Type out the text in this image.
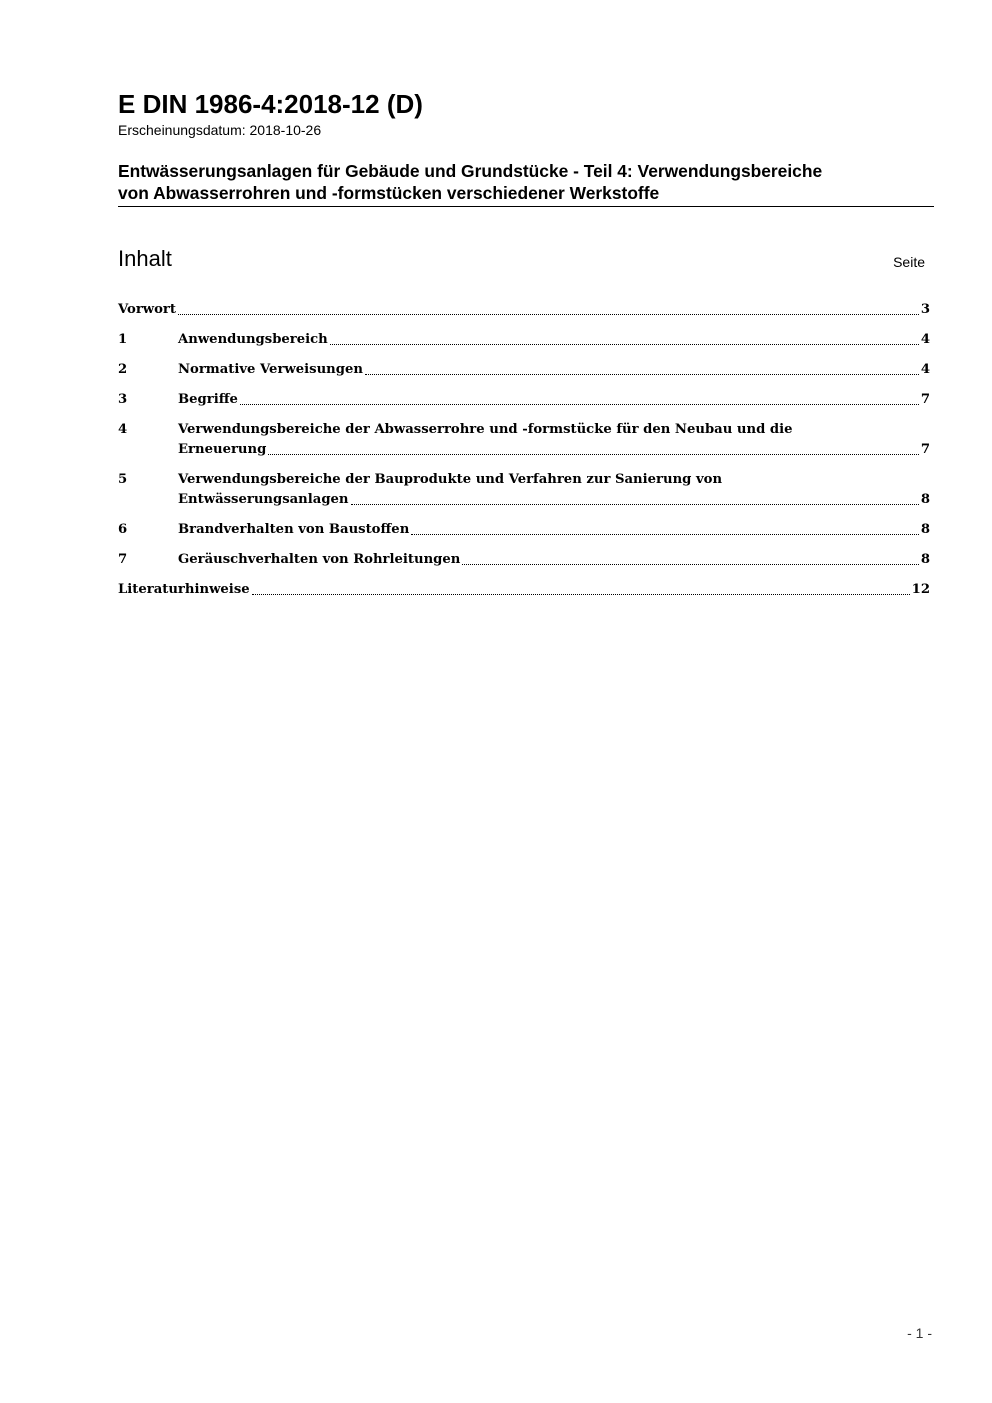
E DIN 1986-4:2018-12 (D)
Erscheinungsdatum: 2018-10-26
Entwässerungsanlagen für Gebäude und Grundstücke - Teil 4: Verwendungsbereiche
von Abwasserrohren und -formstücken verschiedener Werkstoffe
Inhalt	Seite
Vorwort	3
1	Anwendungsbereich	4
2	Normative Verweisungen	4
3	Begriffe	7
4	Verwendungsbereiche der Abwasserrohre und -formstücke für den Neubau und die
Erneuerung	7
5	Verwendungsbereiche der Bauprodukte und Verfahren zur Sanierung von
Entwässerungsanlagen	8
6	Brandverhalten von Baustoffen	8
7	Geräuschverhalten von Rohrleitungen	8
Literaturhinweise	12
- 1 -
